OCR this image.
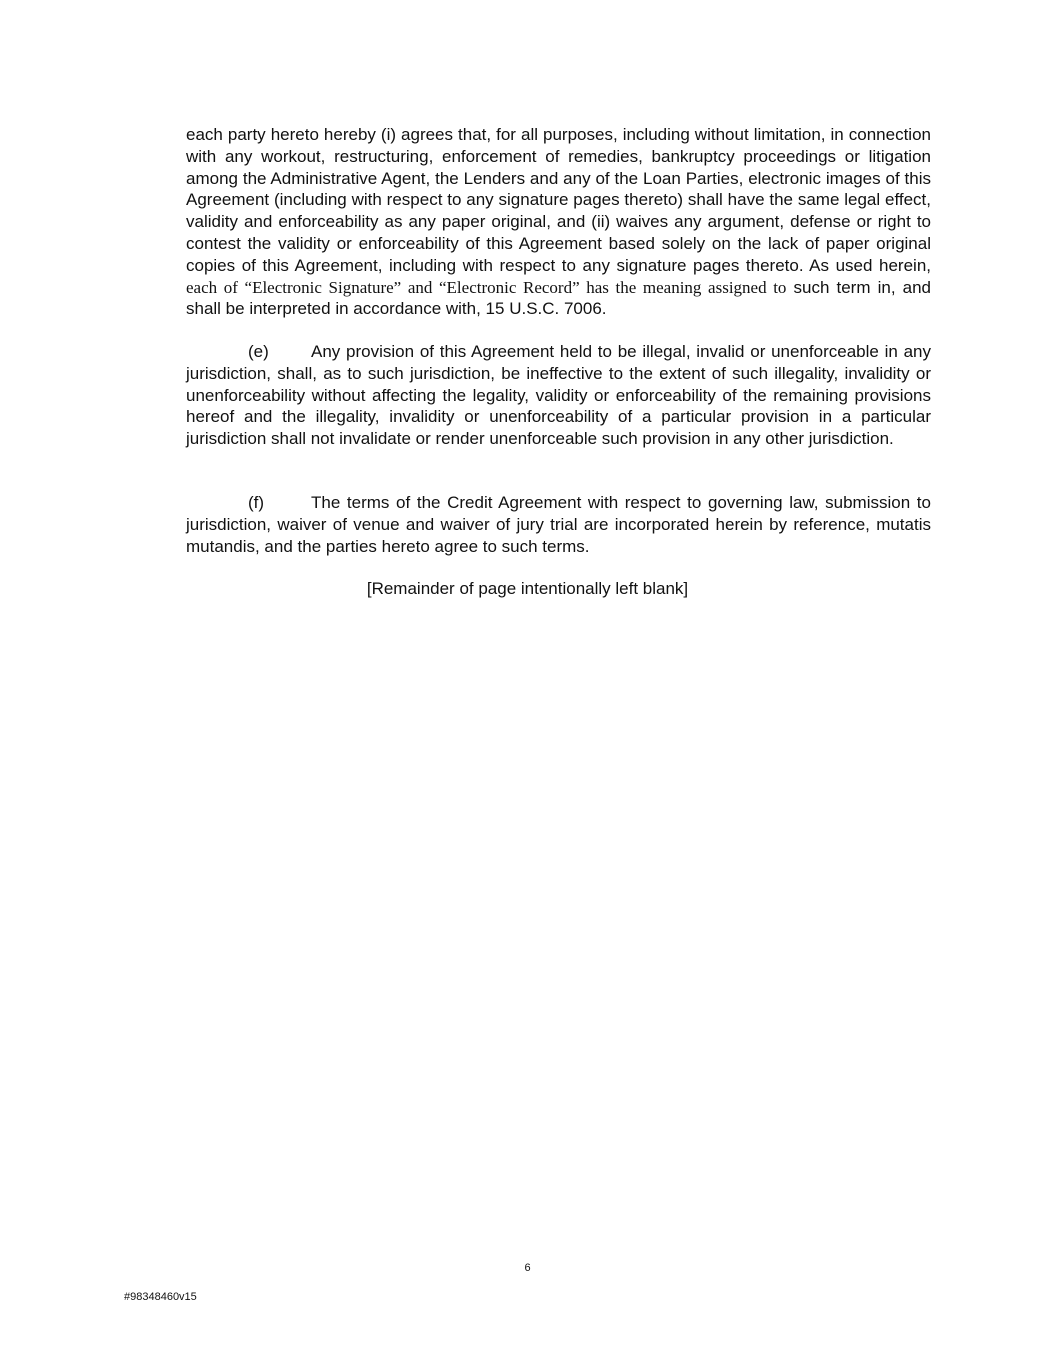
each party hereto hereby (i) agrees that, for all purposes, including without limitation, in connection with any workout, restructuring, enforcement of remedies, bankruptcy proceedings or litigation among the Administrative Agent, the Lenders and any of the Loan Parties, electronic images of this Agreement (including with respect to any signature pages thereto) shall have the same legal effect, validity and enforceability as any paper original, and (ii) waives any argument, defense or right to contest the validity or enforceability of this Agreement based solely on the lack of paper original copies of this Agreement, including with respect to any signature pages thereto. As used herein, each of “Electronic Signature” and “Electronic Record” has the meaning assigned to such term in, and shall be interpreted in accordance with, 15 U.S.C. 7006.

(e) Any provision of this Agreement held to be illegal, invalid or unenforceable in any jurisdiction, shall, as to such jurisdiction, be ineffective to the extent of such illegality, invalidity or unenforceability without affecting the legality, validity or enforceability of the remaining provisions hereof and the illegality, invalidity or unenforceability of a particular provision in a particular jurisdiction shall not invalidate or render unenforceable such provision in any other jurisdiction.

(f)	The terms of the Credit Agreement with respect to governing law, submission to jurisdiction, waiver of venue and waiver of jury trial are incorporated herein by reference, mutatis mutandis, and the parties hereto agree to such terms.

[Remainder of page intentionally left blank]

6
#98348460v15
